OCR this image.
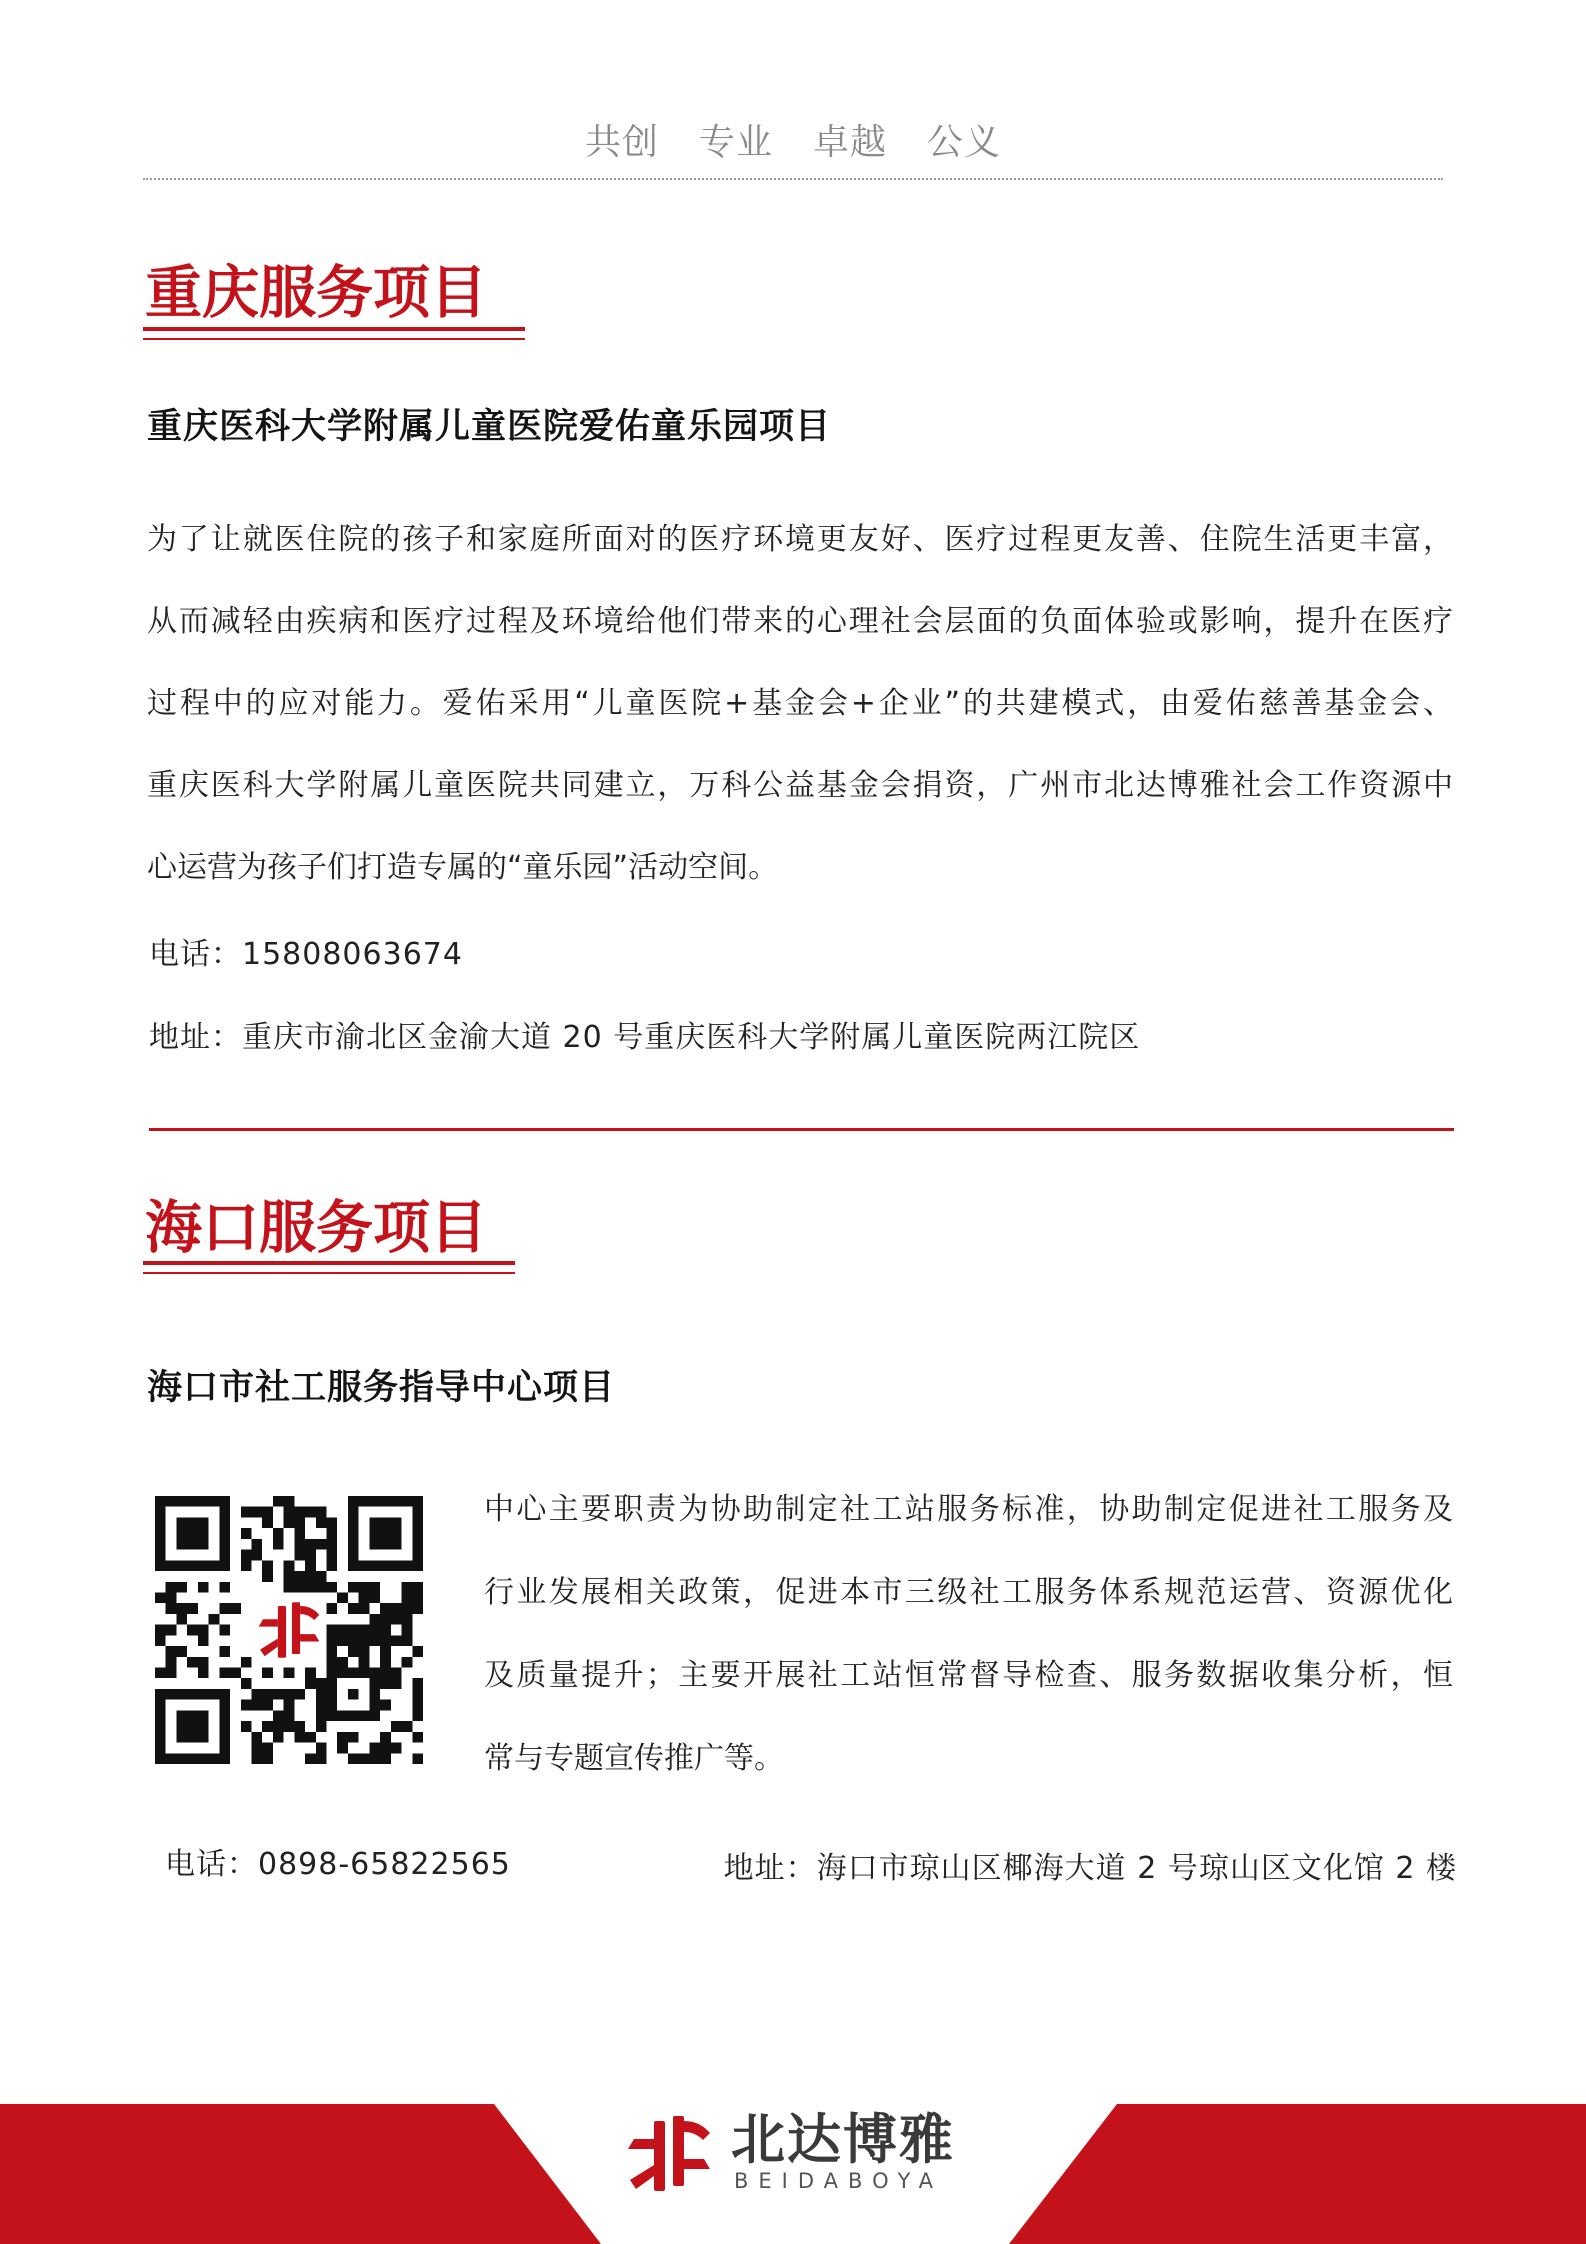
共创 专业 卓越 公义
重庆服务项目
重庆医科大学附属儿童医院爱佑童乐园项目
为了让就医住院的孩子和家庭所面对的医疗环境更友好、医疗过程更友善、住院生活更丰富，
从而减轻由疾病和医疗过程及环境给他们带来的心理社会层面的负面体验或影响，提升在医疗
过程中的应对能力。爱佑采用“儿童医院+基金会+企业”的共建模式，由爱佑慈善基金会、
重庆医科大学附属儿童医院共同建立，万科公益基金会捐资，广州市北达博雅社会工作资源中
心运营为孩子们打造专属的“童乐园”活动空间。
电话：15808063674
地址：重庆市渝北区金渝大道 20 号重庆医科大学附属儿童医院两江院区
海口服务项目
海口市社工服务指导中心项目
中心主要职责为协助制定社工站服务标准，协助制定促进社工服务及
行业发展相关政策，促进本市三级社工服务体系规范运营、资源优化
及质量提升；主要开展社工站恒常督导检查、服务数据收集分析，恒
常与专题宣传推广等。
电话：0898-65822565	地址：海口市琼山区椰海大道 2 号琼山区文化馆 2 楼
北达博雅
BEIDABOYA
